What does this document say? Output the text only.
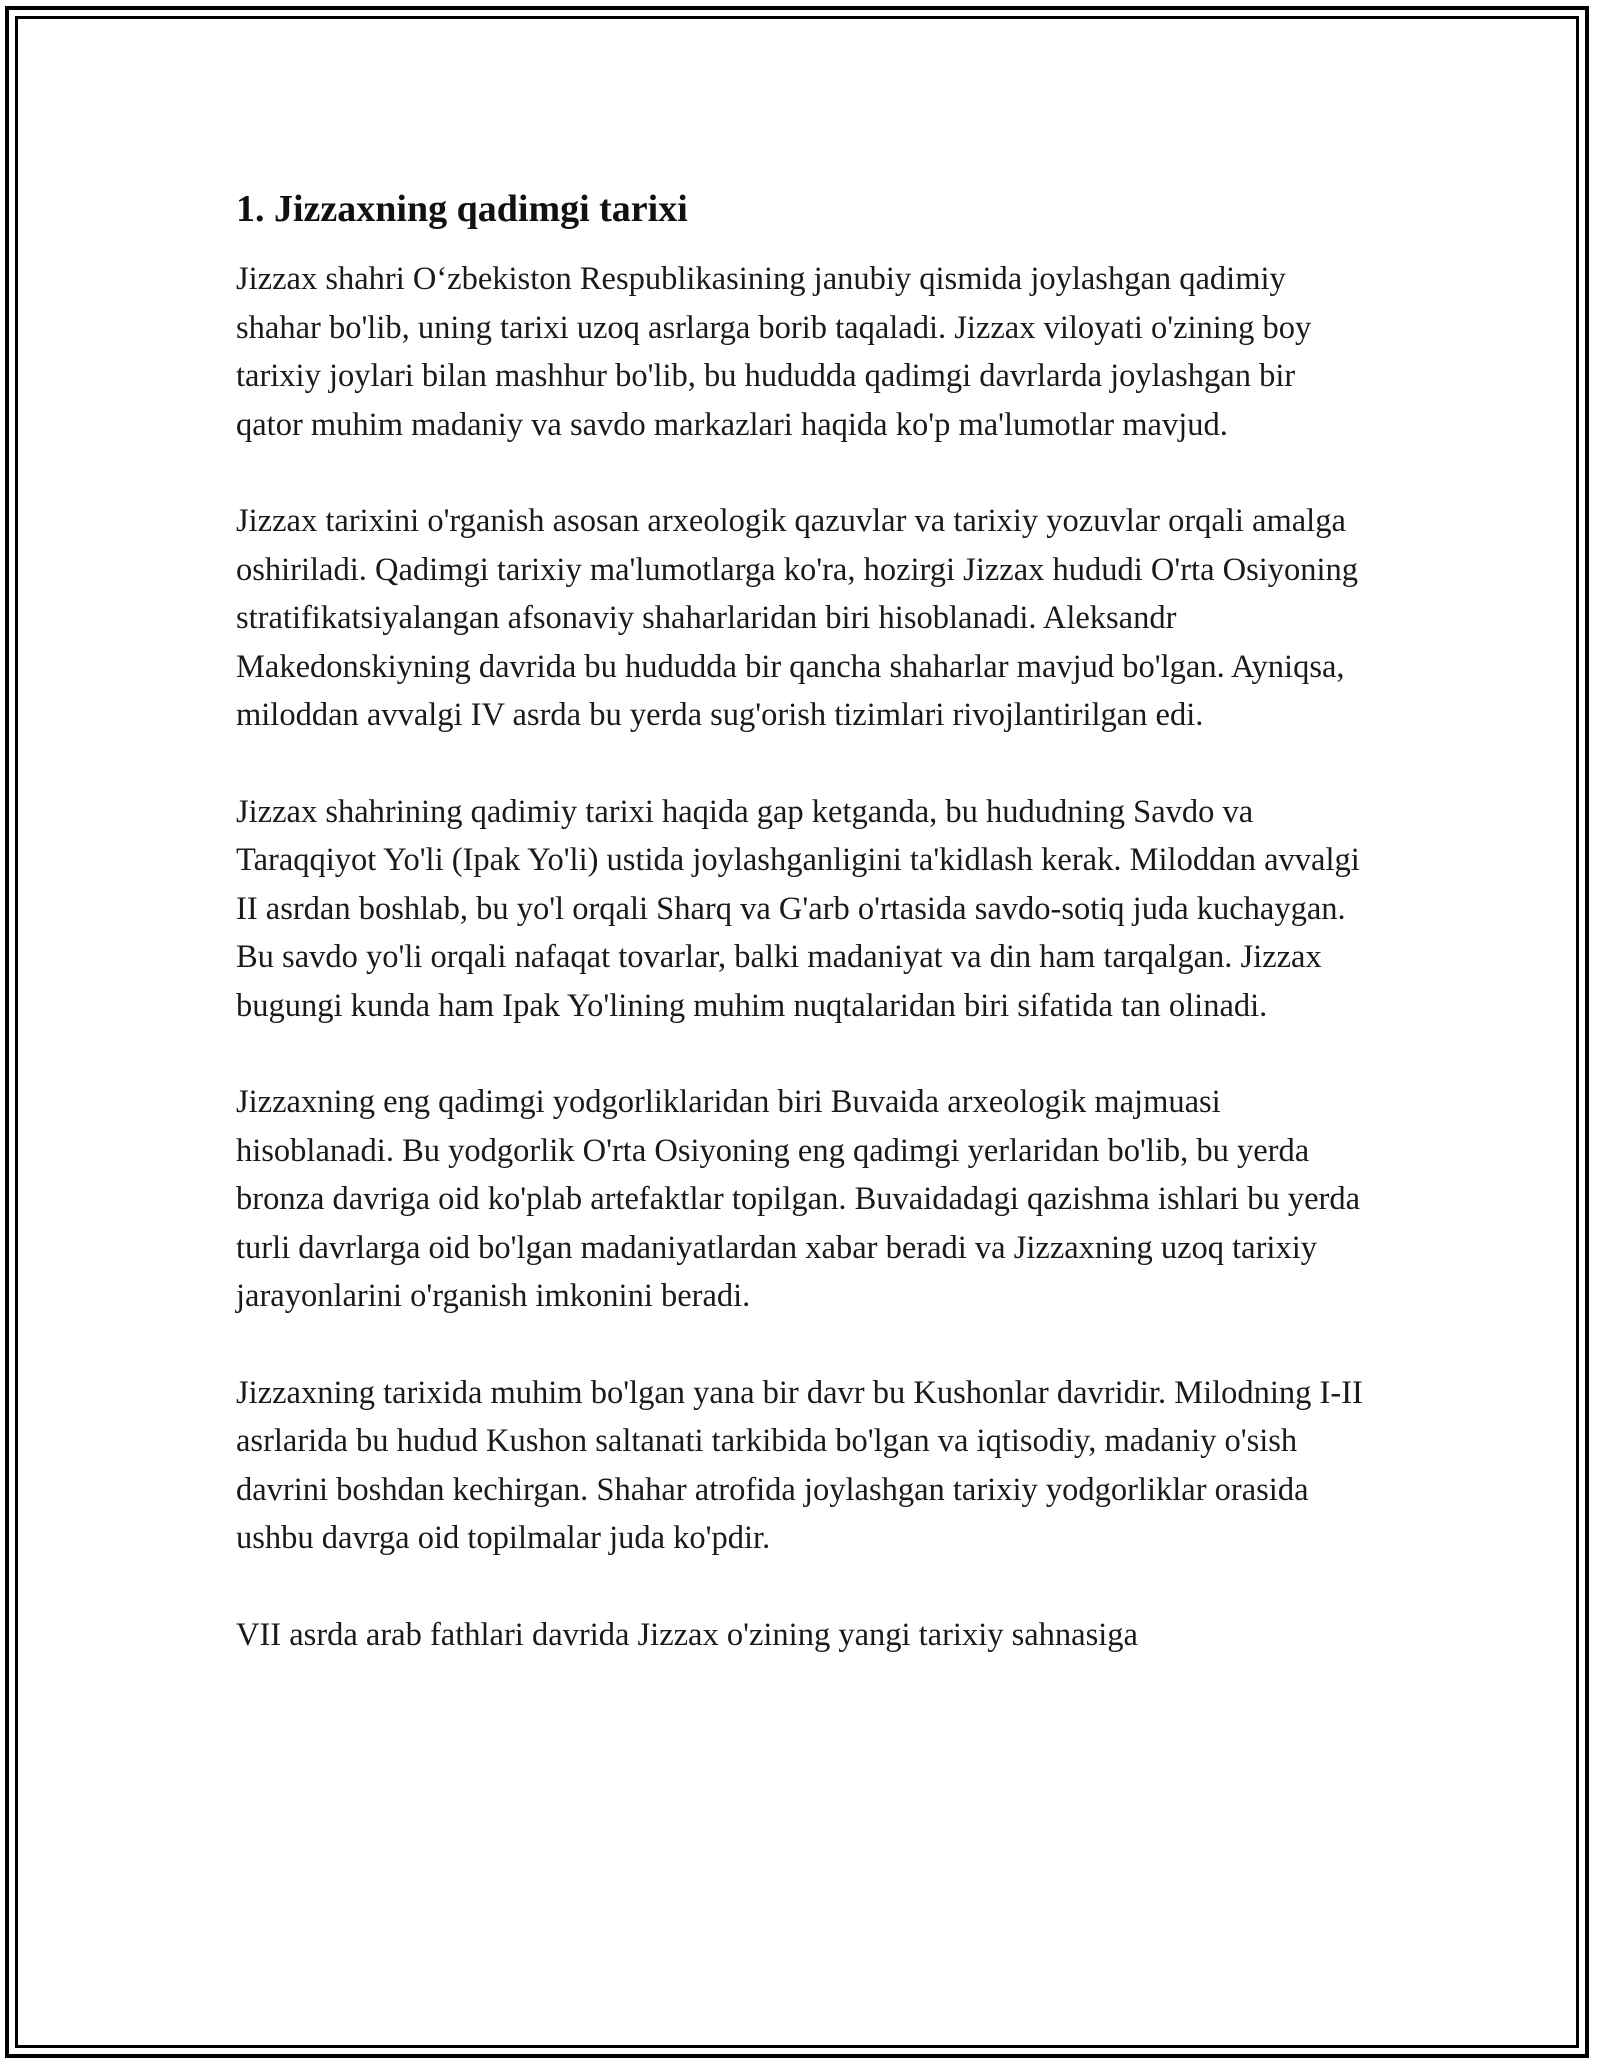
1. Jizzaxning qadimgi tarixi

Jizzax shahri O‘zbekiston Respublikasining janubiy qismida joylashgan qadimiy shahar bo'lib, uning tarixi uzoq asrlarga borib taqaladi. Jizzax viloyati o'zining boy tarixiy joylari bilan mashhur bo'lib, bu hududda qadimgi davrlarda joylashgan bir qator muhim madaniy va savdo markazlari haqida ko'p ma'lumotlar mavjud.

Jizzax tarixini o'rganish asosan arxeologik qazuvlar va tarixiy yozuvlar orqali amalga oshiriladi. Qadimgi tarixiy ma'lumotlarga ko'ra, hozirgi Jizzax hududi O'rta Osiyoning stratifikatsiyalangan afsonaviy shaharlaridan biri hisoblanadi. Aleksandr Makedonskiyning davrida bu hududda bir qancha shaharlar mavjud bo'lgan. Ayniqsa, miloddan avvalgi IV asrda bu yerda sug'orish tizimlari rivojlantirilgan edi.

Jizzax shahrining qadimiy tarixi haqida gap ketganda, bu hududning Savdo va Taraqqiyot Yo'li (Ipak Yo'li) ustida joylashganligini ta'kidlash kerak. Miloddan avvalgi II asrdan boshlab, bu yo'l orqali Sharq va G'arb o'rtasida savdo-sotiq juda kuchaygan. Bu savdo yo'li orqali nafaqat tovarlar, balki madaniyat va din ham tarqalgan. Jizzax bugungi kunda ham Ipak Yo'lining muhim nuqtalaridan biri sifatida tan olinadi.

Jizzaxning eng qadimgi yodgorliklaridan biri Buvaida arxeologik majmuasi hisoblanadi. Bu yodgorlik O'rta Osiyoning eng qadimgi yerlaridan bo'lib, bu yerda bronza davriga oid ko'plab artefaktlar topilgan. Buvaidadagi qazishma ishlari bu yerda turli davrlarga oid bo'lgan madaniyatlardan xabar beradi va Jizzaxning uzoq tarixiy jarayonlarini o'rganish imkonini beradi.

Jizzaxning tarixida muhim bo'lgan yana bir davr bu Kushonlar davridir. Milodning I-II asrlarida bu hudud Kushon saltanati tarkibida bo'lgan va iqtisodiy, madaniy o'sish davrini boshdan kechirgan. Shahar atrofida joylashgan tarixiy yodgorliklar orasida ushbu davrga oid topilmalar juda ko'pdir.

VII asrda arab fathlari davrida Jizzax o'zining yangi tarixiy sahnasiga
